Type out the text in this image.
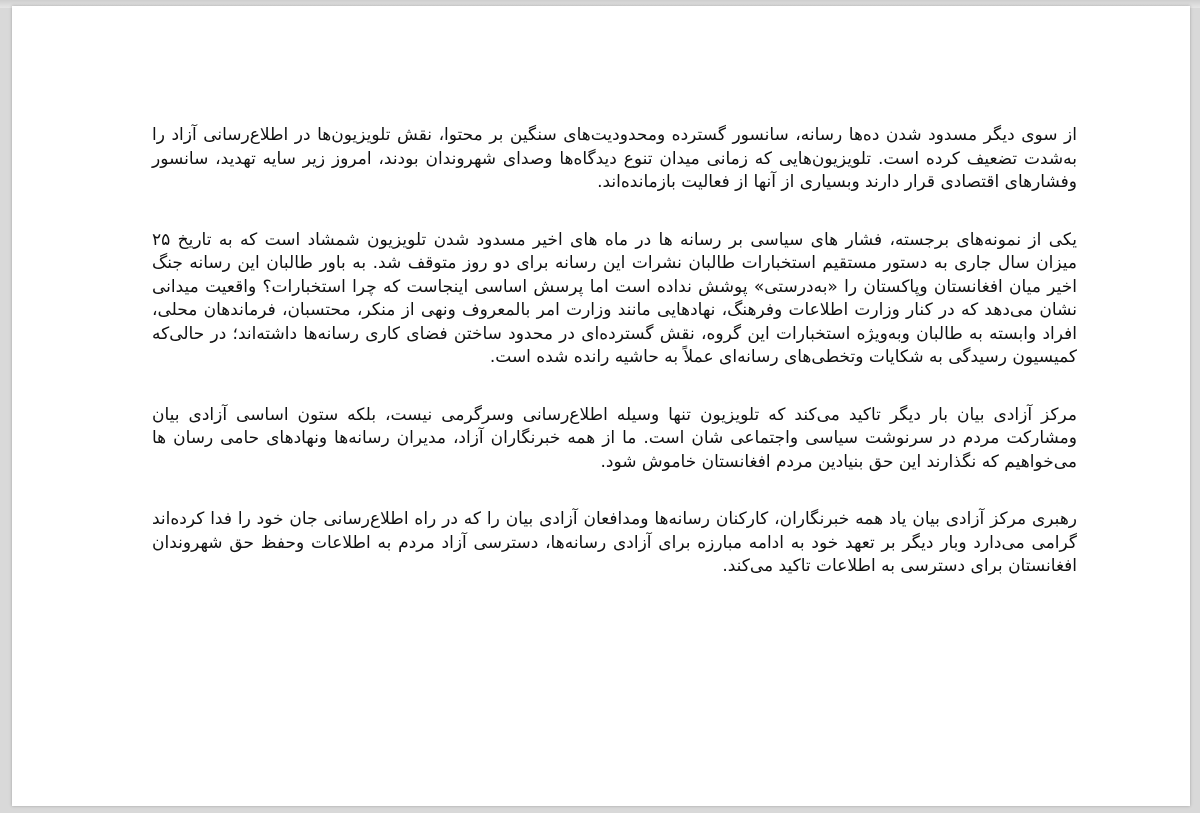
از سوی دیگر مسدود شدن ده‌ها رسانه، سانسور گسترده ومحدودیت‌های سنگین بر محتوا، نقش تلویزیون‌ها در اطلاع‌رسانی آزاد را به‌شدت تضعیف کرده است. تلویزیون‌هایی که زمانی میدان تنوع دیدگاه‌ها وصدای شهروندان بودند، امروز زیر سایه تهدید، سانسور وفشارهای اقتصادی قرار دارند وبسیاری از آنها از فعالیت بازمانده‌اند.

یکی از نمونه‌های برجسته، فشار های سیاسی بر رسانه ها در ماه های اخیر مسدود شدن تلویزیون شمشاد است که به تاریخ ۲۵ میزان سال جاری به دستور مستقیم استخبارات طالبان نشرات این رسانه برای دو روز متوقف شد. به باور طالبان این رسانه جنگ اخیر میان افغانستان وپاکستان را «به‌درستی» پوشش نداده است اما پرسش اساسی اینجاست که چرا استخبارات؟ واقعیت میدانی نشان می‌دهد که در کنار وزارت اطلاعات وفرهنگ، نهادهایی مانند وزارت امر بالمعروف ونهی از منکر، محتسبان، فرماندهان محلی، افراد وابسته به طالبان وبه‌ویژه استخبارات این گروه، نقش گسترده‌ای در محدود ساختن فضای کاری رسانه‌ها داشته‌اند؛ در حالی‌که کمیسیون رسیدگی به شکایات وتخطی‌های رسانه‌ای عملاً به حاشیه رانده شده است.

مرکز آزادی بیان بار دیگر تاکید می‌کند که تلویزیون تنها وسیله اطلاع‌رسانی وسرگرمی نیست، بلکه ستون اساسی آزادی بیان ومشارکت مردم در سرنوشت سیاسی واجتماعی شان است. ما از همه خبرنگاران آزاد، مدیران رسانه‌ها ونهادهای حامی رسان ها می‌خواهیم که نگذارند این حق بنیادین مردم افغانستان خاموش شود.

رهبری مرکز آزادی بیان یاد همه خبرنگاران، کارکنان رسانه‌ها ومدافعان آزادی بیان را که در راه اطلاع‌رسانی جان خود را فدا کرده‌اند گرامی می‌دارد وبار دیگر بر تعهد خود به ادامه مبارزه برای آزادی رسانه‌ها، دسترسی آزاد مردم به اطلاعات وحفظ حق شهروندان افغانستان برای دسترسی به اطلاعات تاکید می‌کند.
